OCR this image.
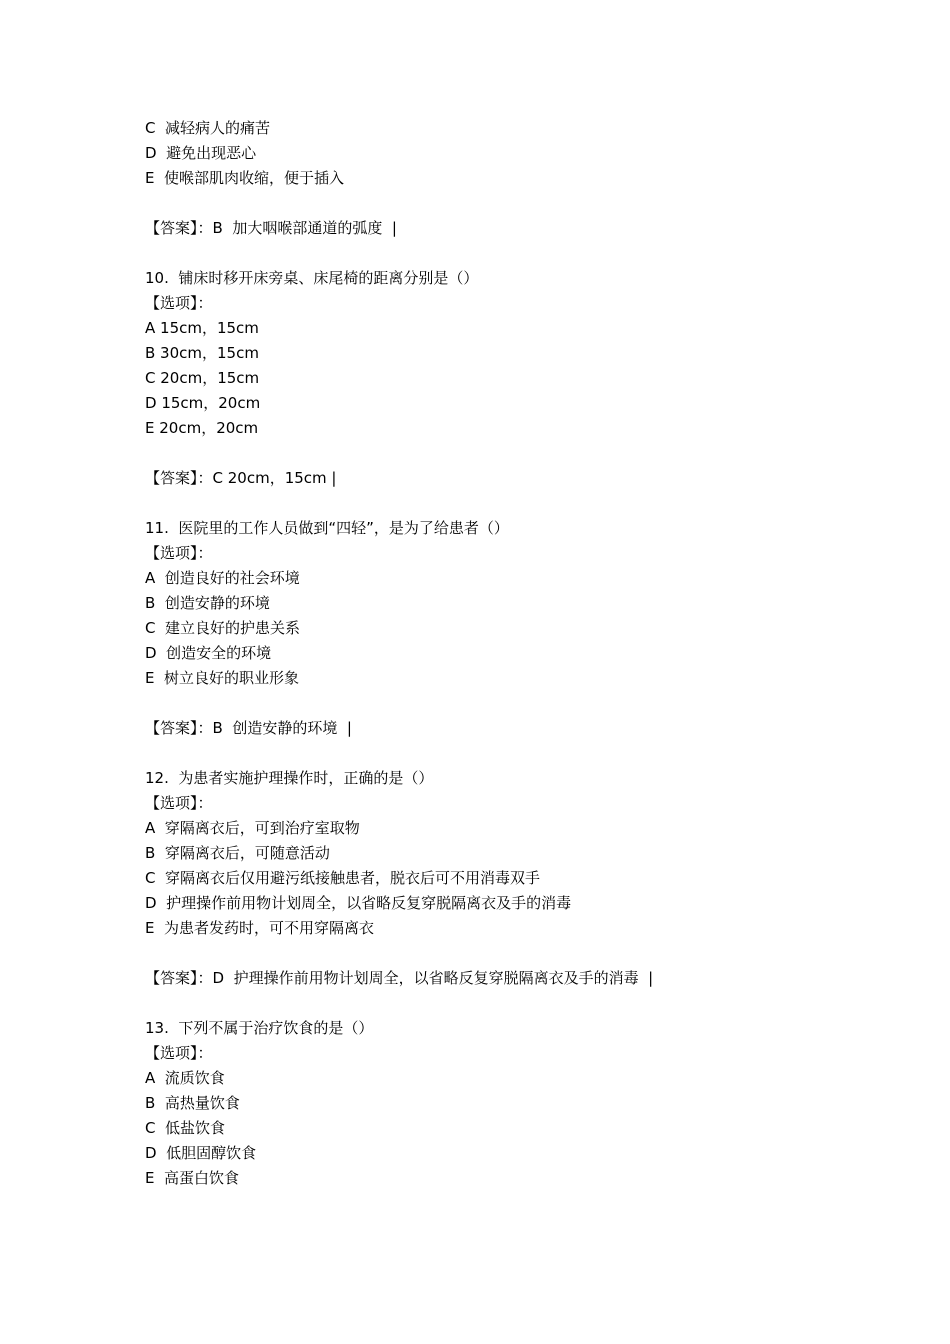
C  减轻病人的痛苦
D  避免出现恶心
E  使喉部肌肉收缩，便于插入
【答案】：B  加大咽喉部通道的弧度  |
10.  铺床时移开床旁桌、床尾椅的距离分别是（）
【选项】：
A 15cm，15cm
B 30cm，15cm
C 20cm，15cm
D 15cm，20cm
E 20cm，20cm
【答案】：C 20cm，15cm |
11.  医院里的工作人员做到“四轻”，是为了给患者（）
【选项】：
A  创造良好的社会环境
B  创造安静的环境
C  建立良好的护患关系
D  创造安全的环境
E  树立良好的职业形象
【答案】：B  创造安静的环境  |
12.  为患者实施护理操作时，正确的是（）
【选项】：
A  穿隔离衣后，可到治疗室取物
B  穿隔离衣后，可随意活动
C  穿隔离衣后仅用避污纸接触患者，脱衣后可不用消毒双手
D  护理操作前用物计划周全，以省略反复穿脱隔离衣及手的消毒
E  为患者发药时，可不用穿隔离衣
【答案】：D  护理操作前用物计划周全，以省略反复穿脱隔离衣及手的消毒  |
13.  下列不属于治疗饮食的是（）
【选项】：
A  流质饮食
B  高热量饮食
C  低盐饮食
D  低胆固醇饮食
E  高蛋白饮食
